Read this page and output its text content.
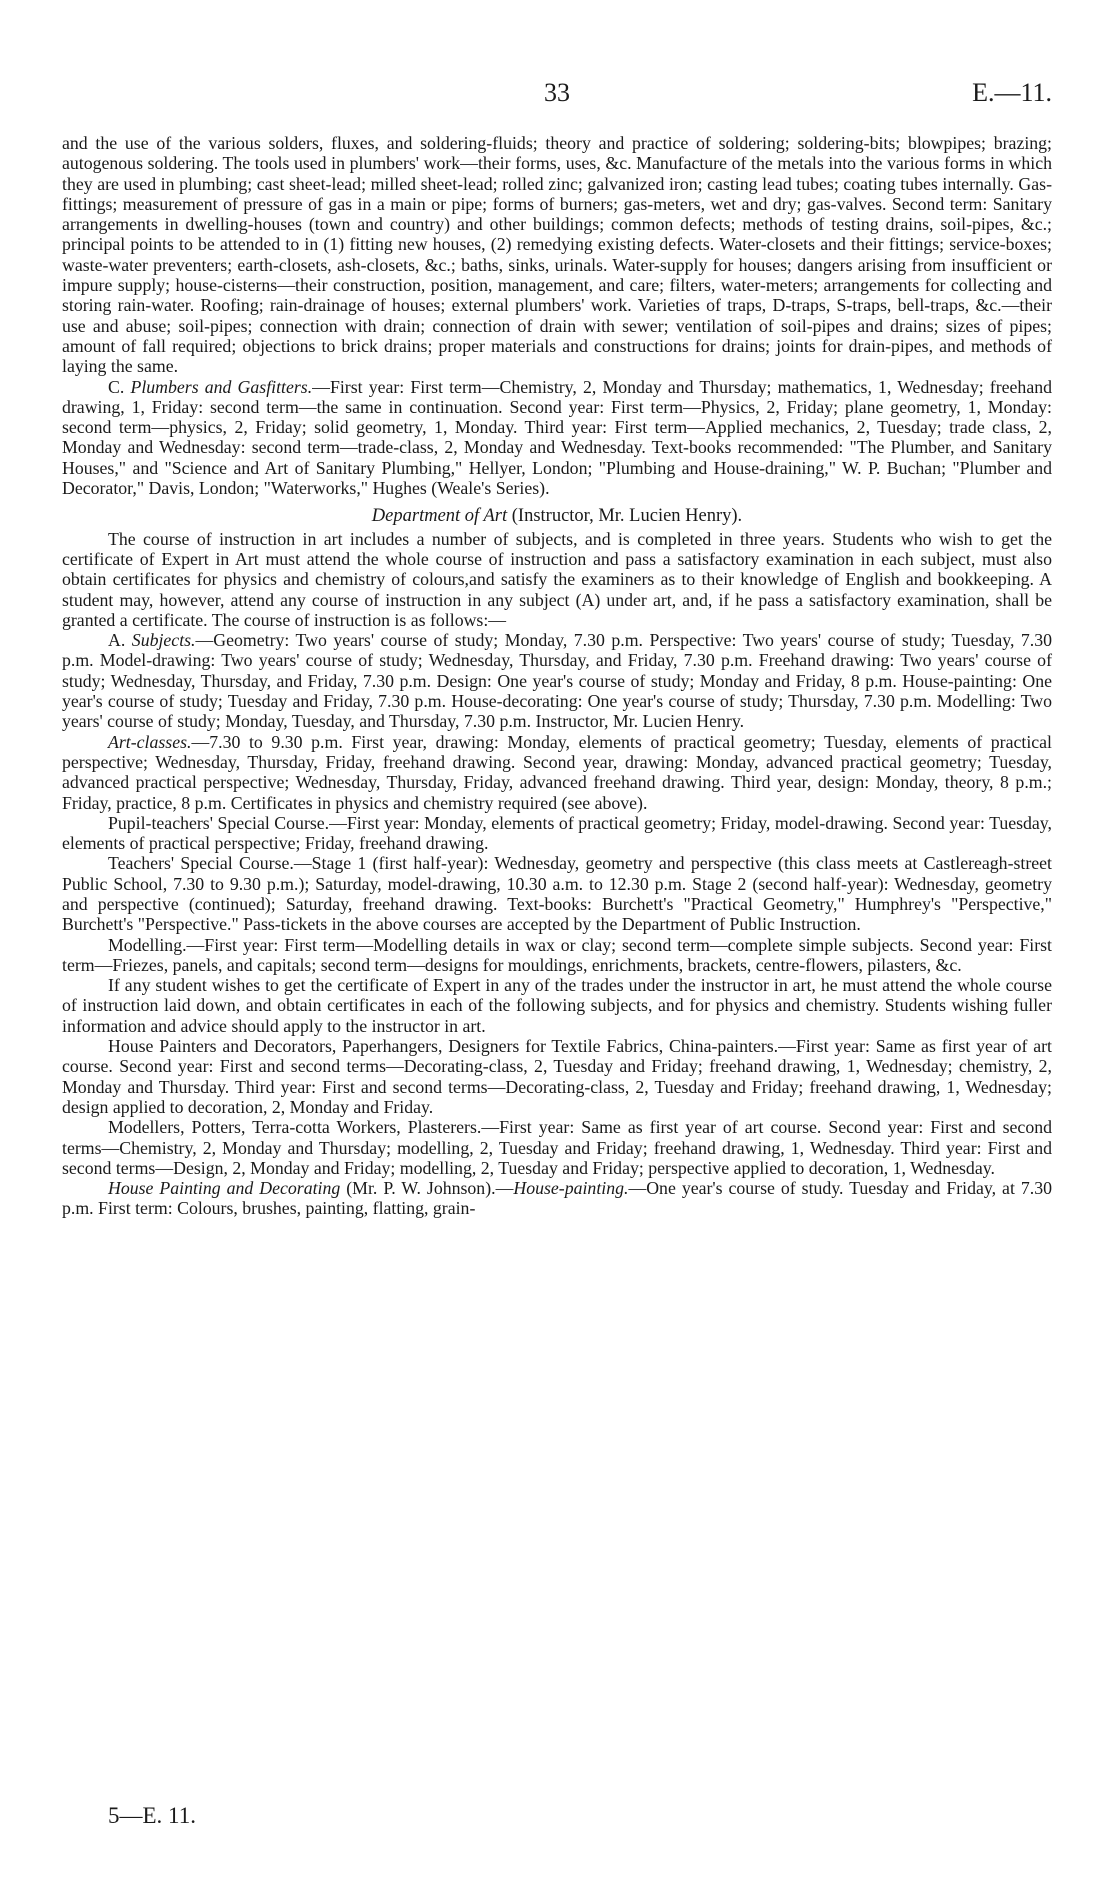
33	E.—11.

and the use of the various solders, fluxes, and soldering-fluids; theory and practice of soldering; soldering-bits; blowpipes; brazing; autogenous soldering. The tools used in plumbers' work—their forms, uses, &c. Manufacture of the metals into the various forms in which they are used in plumbing; cast sheet-lead; milled sheet-lead; rolled zinc; galvanized iron; casting lead tubes; coating tubes internally. Gas-fittings; measurement of pressure of gas in a main or pipe; forms of burners; gas-meters, wet and dry; gas-valves. Second term: Sanitary arrangements in dwelling-houses (town and country) and other buildings; common defects; methods of testing drains, soil-pipes, &c.; principal points to be attended to in (1) fitting new houses, (2) remedying existing defects. Water-closets and their fittings; service-boxes; waste-water preventers; earth-closets, ash-closets, &c.; baths, sinks, urinals. Water-supply for houses; dangers arising from insufficient or impure supply; house-cisterns—their construction, position, management, and care; filters, water-meters; arrangements for collecting and storing rain-water. Roofing; rain-drainage of houses; external plumbers' work. Varieties of traps, D-traps, S-traps, bell-traps, &c.—their use and abuse; soil-pipes; connection with drain; connection of drain with sewer; ventilation of soil-pipes and drains; sizes of pipes; amount of fall required; objections to brick drains; proper materials and constructions for drains; joints for drain-pipes, and methods of laying the same.

C. Plumbers and Gasfitters.—First year: First term—Chemistry, 2, Monday and Thursday; mathematics, 1, Wednesday; freehand drawing, 1, Friday: second term—the same in continuation. Second year: First term—Physics, 2, Friday; plane geometry, 1, Monday: second term—physics, 2, Friday; solid geometry, 1, Monday. Third year: First term—Applied mechanics, 2, Tuesday; trade class, 2, Monday and Wednesday: second term—trade-class, 2, Monday and Wednesday. Text-books recommended: "The Plumber, and Sanitary Houses," and "Science and Art of Sanitary Plumbing," Hellyer, London; "Plumbing and House-draining," W. P. Buchan; "Plumber and Decorator," Davis, London; "Waterworks," Hughes (Weale's Series).

Department of Art (Instructor, Mr. Lucien Henry).

The course of instruction in art includes a number of subjects, and is completed in three years. Students who wish to get the certificate of Expert in Art must attend the whole course of instruction and pass a satisfactory examination in each subject, must also obtain certificates for physics and chemistry of colours,and satisfy the examiners as to their knowledge of English and bookkeeping. A student may, however, attend any course of instruction in any subject (A) under art, and, if he pass a satisfactory examination, shall be granted a certificate. The course of instruction is as follows:—

A. Subjects.—Geometry: Two years' course of study; Monday, 7.30 p.m. Perspective: Two years' course of study; Tuesday, 7.30 p.m. Model-drawing: Two years' course of study; Wednesday, Thursday, and Friday, 7.30 p.m. Freehand drawing: Two years' course of study; Wednesday, Thursday, and Friday, 7.30 p.m. Design: One year's course of study; Monday and Friday, 8 p.m. House-painting: One year's course of study; Tuesday and Friday, 7.30 p.m. House-decorating: One year's course of study; Thursday, 7.30 p.m. Modelling: Two years' course of study; Monday, Tuesday, and Thursday, 7.30 p.m. Instructor, Mr. Lucien Henry.

Art-classes.—7.30 to 9.30 p.m. First year, drawing: Monday, elements of practical geometry; Tuesday, elements of practical perspective; Wednesday, Thursday, Friday, freehand drawing. Second year, drawing: Monday, advanced practical geometry; Tuesday, advanced practical perspective; Wednesday, Thursday, Friday, advanced freehand drawing. Third year, design: Monday, theory, 8 p.m.; Friday, practice, 8 p.m. Certificates in physics and chemistry required (see above).

Pupil-teachers' Special Course.—First year: Monday, elements of practical geometry; Friday, model-drawing. Second year: Tuesday, elements of practical perspective; Friday, freehand drawing.

Teachers' Special Course.—Stage 1 (first half-year): Wednesday, geometry and perspective (this class meets at Castlereagh-street Public School, 7.30 to 9.30 p.m.); Saturday, model-drawing, 10.30 a.m. to 12.30 p.m. Stage 2 (second half-year): Wednesday, geometry and perspective (continued); Saturday, freehand drawing. Text-books: Burchett's "Practical Geometry," Humphrey's "Perspective," Burchett's "Perspective." Pass-tickets in the above courses are accepted by the Department of Public Instruction.

Modelling.—First year: First term—Modelling details in wax or clay; second term—complete simple subjects. Second year: First term—Friezes, panels, and capitals; second term—designs for mouldings, enrichments, brackets, centre-flowers, pilasters, &c.

If any student wishes to get the certificate of Expert in any of the trades under the instructor in art, he must attend the whole course of instruction laid down, and obtain certificates in each of the following subjects, and for physics and chemistry. Students wishing fuller information and advice should apply to the instructor in art.

House Painters and Decorators, Paperhangers, Designers for Textile Fabrics, China-painters.—First year: Same as first year of art course. Second year: First and second terms—Decorating-class, 2, Tuesday and Friday; freehand drawing, 1, Wednesday; chemistry, 2, Monday and Thursday. Third year: First and second terms—Decorating-class, 2, Tuesday and Friday; freehand drawing, 1, Wednesday; design applied to decoration, 2, Monday and Friday.

Modellers, Potters, Terra-cotta Workers, Plasterers.—First year: Same as first year of art course. Second year: First and second terms—Chemistry, 2, Monday and Thursday; modelling, 2, Tuesday and Friday; freehand drawing, 1, Wednesday. Third year: First and second terms—Design, 2, Monday and Friday; modelling, 2, Tuesday and Friday; perspective applied to decoration, 1, Wednesday.

House Painting and Decorating (Mr. P. W. Johnson).—House-painting.—One year's course of study. Tuesday and Friday, at 7.30 p.m. First term: Colours, brushes, painting, flatting, grain-

5—E. 11.
